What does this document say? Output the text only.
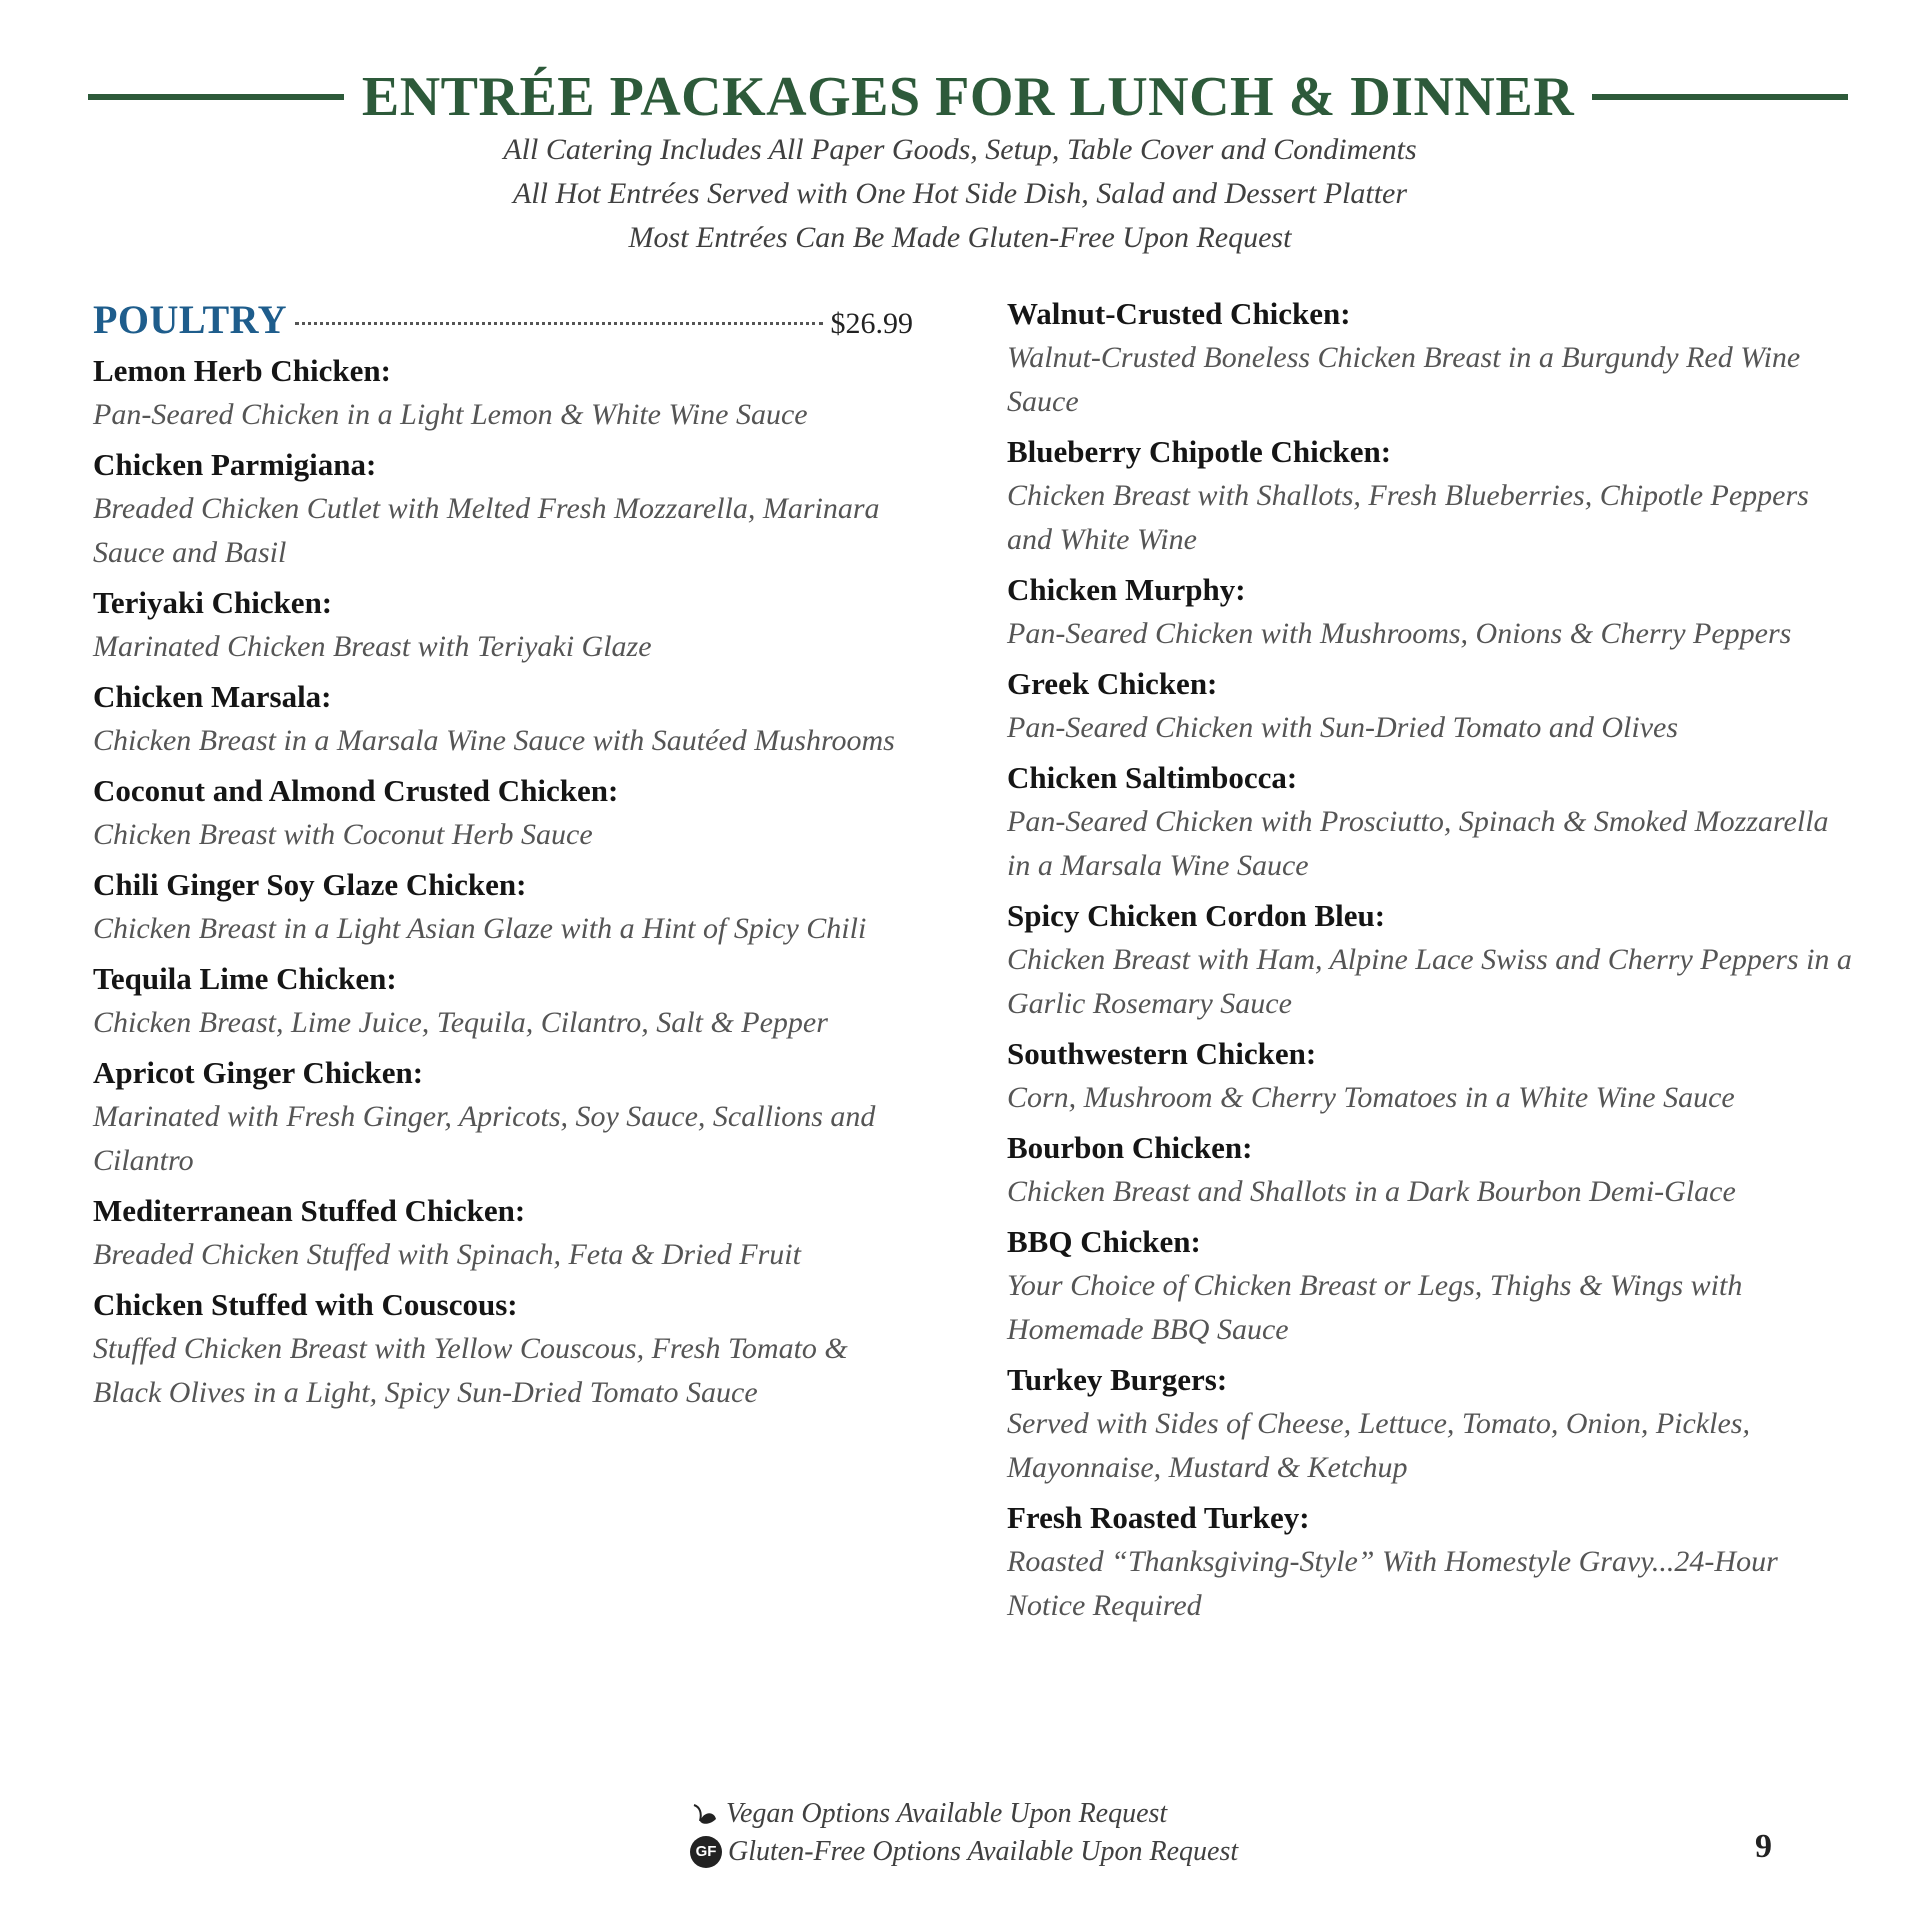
ENTRÉE PACKAGES FOR LUNCH & DINNER
All Catering Includes All Paper Goods, Setup, Table Cover and Condiments
All Hot Entrées Served with One Hot Side Dish, Salad and Dessert Platter
Most Entrées Can Be Made Gluten-Free Upon Request
POULTRY	$26.99
Lemon Herb Chicken:
Pan-Seared Chicken in a Light Lemon & White Wine Sauce
Chicken Parmigiana:
Breaded Chicken Cutlet with Melted Fresh Mozzarella, Marinara Sauce and Basil
Teriyaki Chicken:
Marinated Chicken Breast with Teriyaki Glaze
Chicken Marsala:
Chicken Breast in a Marsala Wine Sauce with Sautéed Mushrooms
Coconut and Almond Crusted Chicken:
Chicken Breast with Coconut Herb Sauce
Chili Ginger Soy Glaze Chicken:
Chicken Breast in a Light Asian Glaze with a Hint of Spicy Chili
Tequila Lime Chicken:
Chicken Breast, Lime Juice, Tequila, Cilantro, Salt & Pepper
Apricot Ginger Chicken:
Marinated with Fresh Ginger, Apricots, Soy Sauce, Scallions and Cilantro
Mediterranean Stuffed Chicken:
Breaded Chicken Stuffed with Spinach, Feta & Dried Fruit
Chicken Stuffed with Couscous:
Stuffed Chicken Breast with Yellow Couscous, Fresh Tomato & Black Olives in a Light, Spicy Sun-Dried Tomato Sauce
Walnut-Crusted Chicken:
Walnut-Crusted Boneless Chicken Breast in a Burgundy Red Wine Sauce
Blueberry Chipotle Chicken:
Chicken Breast with Shallots, Fresh Blueberries, Chipotle Peppers and White Wine
Chicken Murphy:
Pan-Seared Chicken with Mushrooms, Onions & Cherry Peppers
Greek Chicken:
Pan-Seared Chicken with Sun-Dried Tomato and Olives
Chicken Saltimbocca:
Pan-Seared Chicken with Prosciutto, Spinach & Smoked Mozzarella in a Marsala Wine Sauce
Spicy Chicken Cordon Bleu:
Chicken Breast with Ham, Alpine Lace Swiss and Cherry Peppers in a Garlic Rosemary Sauce
Southwestern Chicken:
Corn, Mushroom & Cherry Tomatoes in a White Wine Sauce
Bourbon Chicken:
Chicken Breast and Shallots in a Dark Bourbon Demi-Glace
BBQ Chicken:
Your Choice of Chicken Breast or Legs, Thighs & Wings with Homemade BBQ Sauce
Turkey Burgers:
Served with Sides of Cheese, Lettuce, Tomato, Onion, Pickles, Mayonnaise, Mustard & Ketchup
Fresh Roasted Turkey:
Roasted “Thanksgiving-Style” With Homestyle Gravy...24-Hour Notice Required
Vegan Options Available Upon Request
GF Gluten-Free Options Available Upon Request	9
